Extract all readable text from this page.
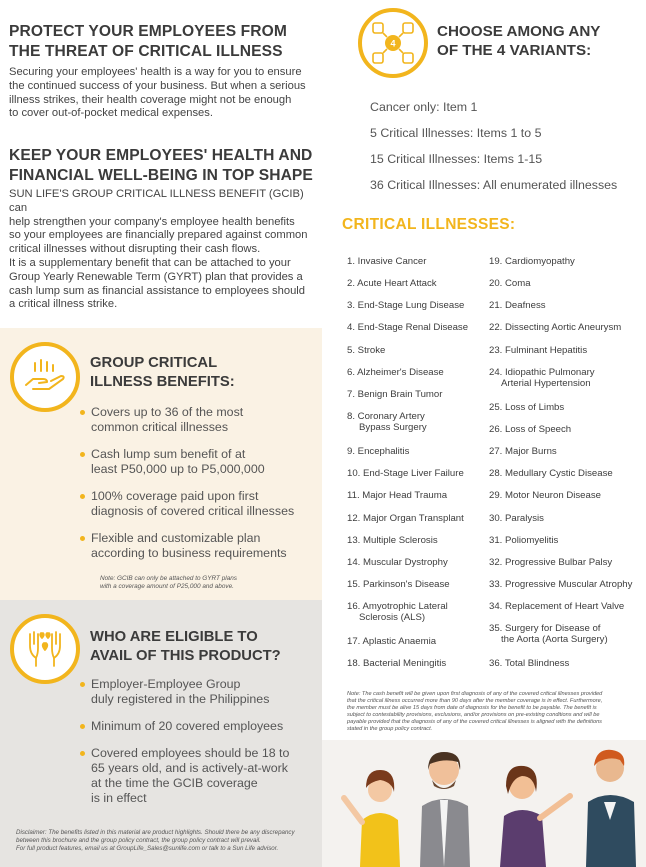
PROTECT YOUR EMPLOYEES FROM
THE THREAT OF CRITICAL ILLNESS
Securing your employees' health is a way for you to ensure
the continued success of your business. But when a serious
illness strikes, their health coverage might not be enough
to cover out-of-pocket medical expenses.
KEEP YOUR EMPLOYEES' HEALTH AND
FINANCIAL WELL-BEING IN TOP SHAPE
SUN LIFE'S GROUP CRITICAL ILLNESS BENEFIT (GCIB) can
help strengthen your company's employee health benefits
so your employees are financially prepared against common
critical illnesses without disrupting their cash flows.
It is a supplementary benefit that can be attached to your
Group Yearly Renewable Term (GYRT) plan that provides a
cash lump sum as financial assistance to employees should
a critical illness strike.
GROUP CRITICAL
ILLNESS BENEFITS:
Covers up to 36 of the most
common critical illnesses
Cash lump sum benefit of at
least P50,000 up to P5,000,000
100% coverage paid upon first
diagnosis of covered critical illnesses
Flexible and customizable plan
according to business requirements
Note: GCIB can only be attached to GYRT plans
with a coverage amount of P25,000 and above.
WHO ARE ELIGIBLE TO
AVAIL OF THIS PRODUCT?
Employer-Employee Group
duly registered in the Philippines
Minimum of 20 covered employees
Covered employees should be 18 to
65 years old, and is actively-at-work
at the time the GCIB coverage
is in effect
Disclaimer: The benefits listed in this material are product highlights. Should there be any discrepancy
between this brochure and the group policy contract, the group policy contract will prevail.
For full product features, email us at GroupLife_Sales@sunlife.com or talk to a Sun Life advisor.
4
CHOOSE AMONG ANY
OF THE 4 VARIANTS:
Cancer only: Item 1
5 Critical Illnesses: Items 1 to 5
15 Critical Illnesses: Items 1-15
36 Critical Illnesses: All enumerated illnesses
CRITICAL ILLNESSES:
1. Invasive Cancer
2. Acute Heart Attack
3. End-Stage Lung Disease
4. End-Stage Renal Disease
5. Stroke
6. Alzheimer's Disease
7. Benign Brain Tumor
8. Coronary Artery
Bypass Surgery
9. Encephalitis
10. End-Stage Liver Failure
11. Major Head Trauma
12. Major Organ Transplant
13. Multiple Sclerosis
14. Muscular Dystrophy
15. Parkinson's Disease
16. Amyotrophic Lateral
Sclerosis (ALS)
17. Aplastic Anaemia
18. Bacterial Meningitis
19. Cardiomyopathy
20. Coma
21. Deafness
22. Dissecting Aortic Aneurysm
23. Fulminant Hepatitis
24. Idiopathic Pulmonary
Arterial Hypertension
25. Loss of Limbs
26. Loss of Speech
27. Major Burns
28. Medullary Cystic Disease
29. Motor Neuron Disease
30. Paralysis
31. Poliomyelitis
32. Progressive Bulbar Palsy
33. Progressive Muscular Atrophy
34. Replacement of Heart Valve
35. Surgery for Disease of
the Aorta (Aorta Surgery)
36. Total Blindness
Note: The cash benefit will be given upon first diagnosis of any of the covered critical illnesses provided
that the critical illness occurred more than 90 days after the member coverage is in effect. Furthermore,
the member must be alive 15 days from date of diagnosis for the benefit to be payable. The benefit is
subject to contestability provisions, exclusions, and/or provisions on pre-existing conditions and will be
payable provided that the diagnosis of any of the covered critical illnesses is aligned with the definitions
stated in the group policy contract.
